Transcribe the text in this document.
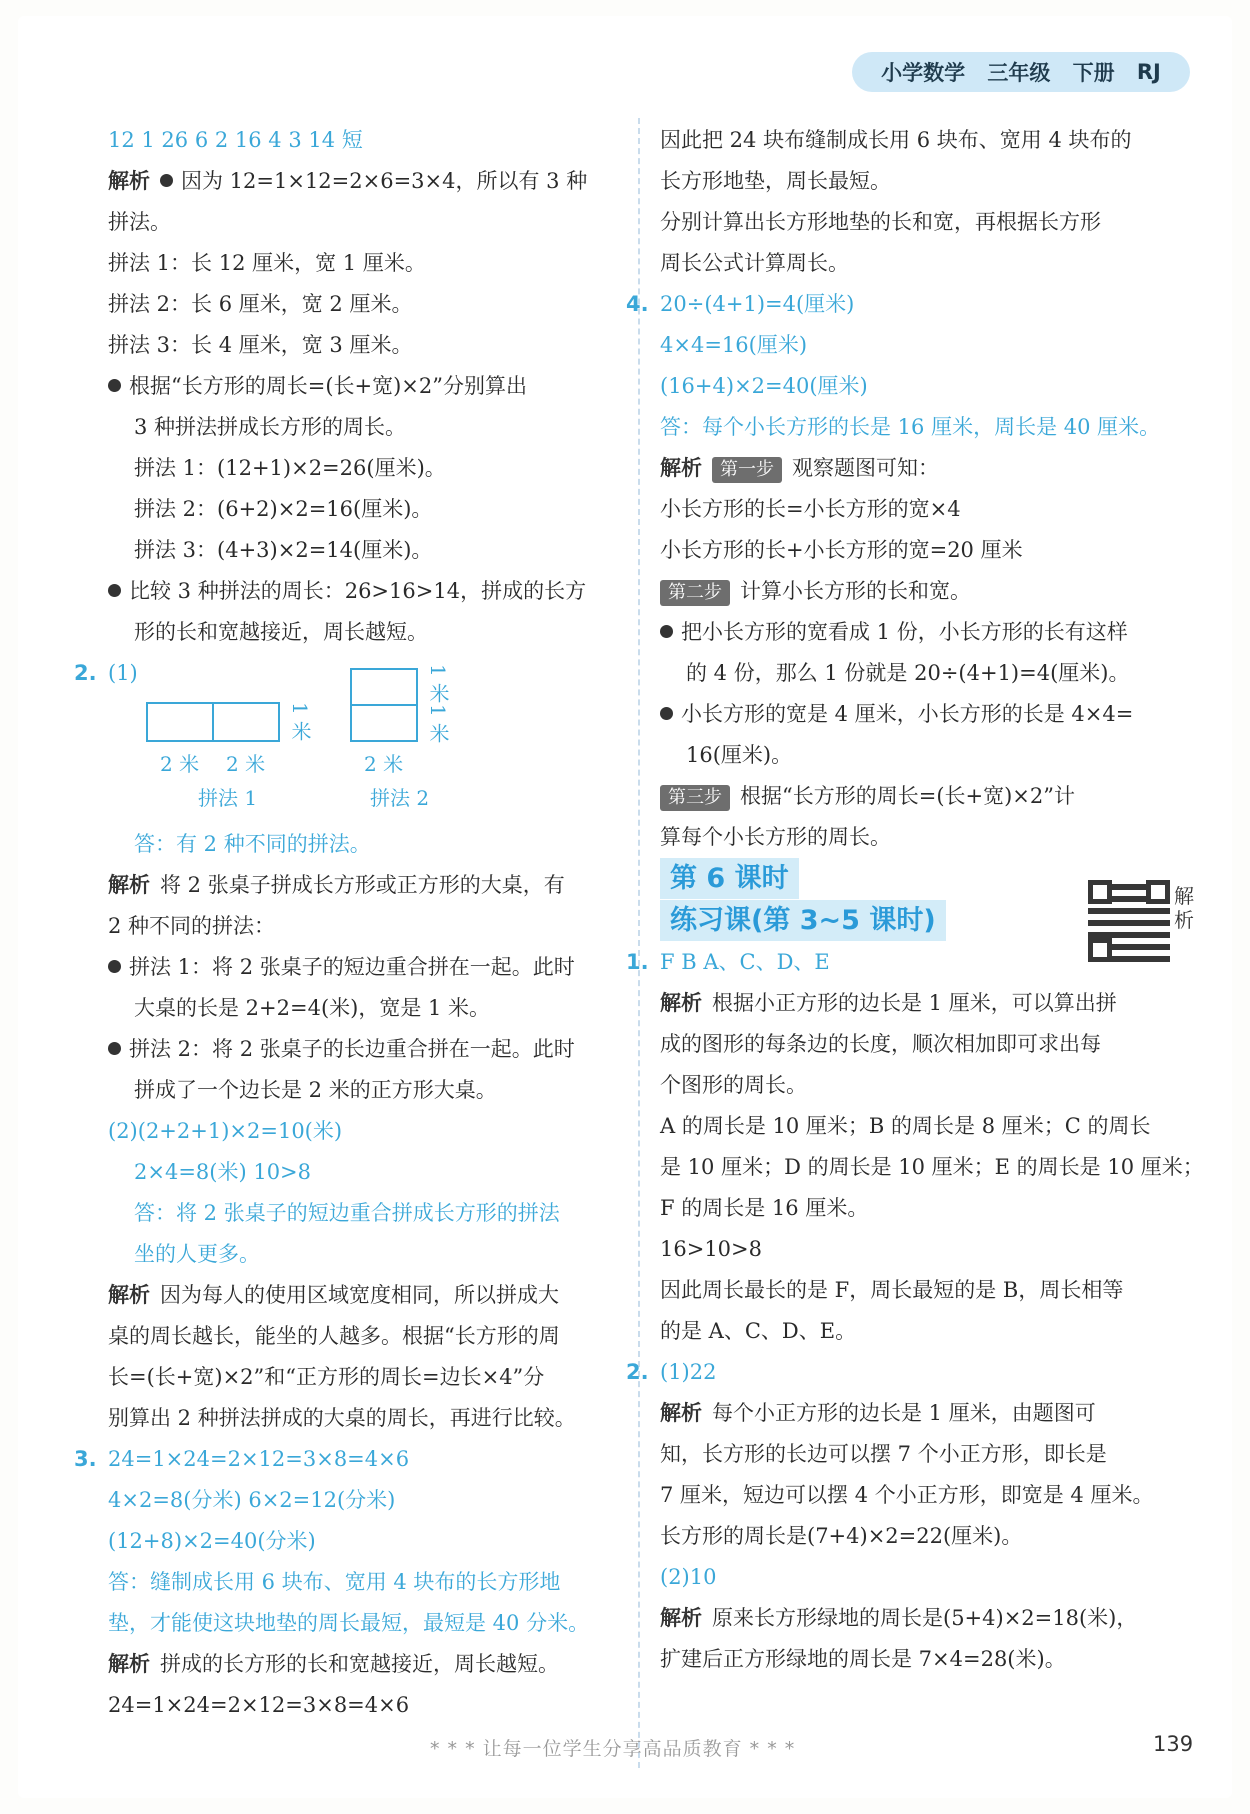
小学数学 三年级 下册 RJ
12 1 26 6 2 16 4 3 14 短
解析 因为 12=1×12=2×6=3×4，所以有 3 种
拼法。
拼法 1：长 12 厘米，宽 1 厘米。
拼法 2：长 6 厘米，宽 2 厘米。
拼法 3：长 4 厘米，宽 3 厘米。
根据“长方形的周长=(长+宽)×2”分别算出
3 种拼法拼成长方形的周长。
拼法 1：(12+1)×2=26(厘米)。
拼法 2：(6+2)×2=16(厘米)。
拼法 3：(4+3)×2=14(厘米)。
比较 3 种拼法的周长：26>16>14，拼成的长方
形的长和宽越接近，周长越短。
2. (1)
2 米 2 米
1 米
拼法 1
2 米
1 米
1 米
拼法 2
答：有 2 种不同的拼法。
解析 将 2 张桌子拼成长方形或正方形的大桌，有
2 种不同的拼法：
拼法 1：将 2 张桌子的短边重合拼在一起。此时
大桌的长是 2+2=4(米)，宽是 1 米。
拼法 2：将 2 张桌子的长边重合拼在一起。此时
拼成了一个边长是 2 米的正方形大桌。
(2)(2+2+1)×2=10(米)
2×4=8(米) 10>8
答：将 2 张桌子的短边重合拼成长方形的拼法
坐的人更多。
解析 因为每人的使用区域宽度相同，所以拼成大
桌的周长越长，能坐的人越多。根据“长方形的周
长=(长+宽)×2”和“正方形的周长=边长×4”分
别算出 2 种拼法拼成的大桌的周长，再进行比较。
3. 24=1×24=2×12=3×8=4×6
4×2=8(分米) 6×2=12(分米)
(12+8)×2=40(分米)
答：缝制成长用 6 块布、宽用 4 块布的长方形地
垫，才能使这块地垫的周长最短，最短是 40 分米。
解析 拼成的长方形的长和宽越接近，周长越短。
24=1×24=2×12=3×8=4×6
因此把 24 块布缝制成长用 6 块布、宽用 4 块布的
长方形地垫，周长最短。
分别计算出长方形地垫的长和宽，再根据长方形
周长公式计算周长。
4. 20÷(4+1)=4(厘米)
4×4=16(厘米)
(16+4)×2=40(厘米)
答：每个小长方形的长是 16 厘米，周长是 40 厘米。
解析 第一步 观察题图可知：
小长方形的长=小长方形的宽×4
小长方形的长+小长方形的宽=20 厘米
第二步 计算小长方形的长和宽。
把小长方形的宽看成 1 份，小长方形的长有这样
的 4 份，那么 1 份就是 20÷(4+1)=4(厘米)。
小长方形的宽是 4 厘米，小长方形的长是 4×4=
16(厘米)。
第三步 根据“长方形的周长=(长+宽)×2”计
算每个小长方形的周长。
第 6 课时
练习课(第 3~5 课时)
1. F B A、C、D、E
解析 根据小正方形的边长是 1 厘米，可以算出拼
成的图形的每条边的长度，顺次相加即可求出每
个图形的周长。
A 的周长是 10 厘米；B 的周长是 8 厘米；C 的周长
是 10 厘米；D 的周长是 10 厘米；E 的周长是 10 厘米；
F 的周长是 16 厘米。
16>10>8
因此周长最长的是 F，周长最短的是 B，周长相等
的是 A、C、D、E。
2. (1)22
解析 每个小正方形的边长是 1 厘米，由题图可
知，长方形的长边可以摆 7 个小正方形，即长是
7 厘米，短边可以摆 4 个小正方形，即宽是 4 厘米。
长方形的周长是(7+4)×2=22(厘米)。
(2)10
解析 原来长方形绿地的周长是(5+4)×2=18(米)，
扩建后正方形绿地的周长是 7×4=28(米)。
解析
* * * 让每一位学生分享高品质教育 * * *	139
